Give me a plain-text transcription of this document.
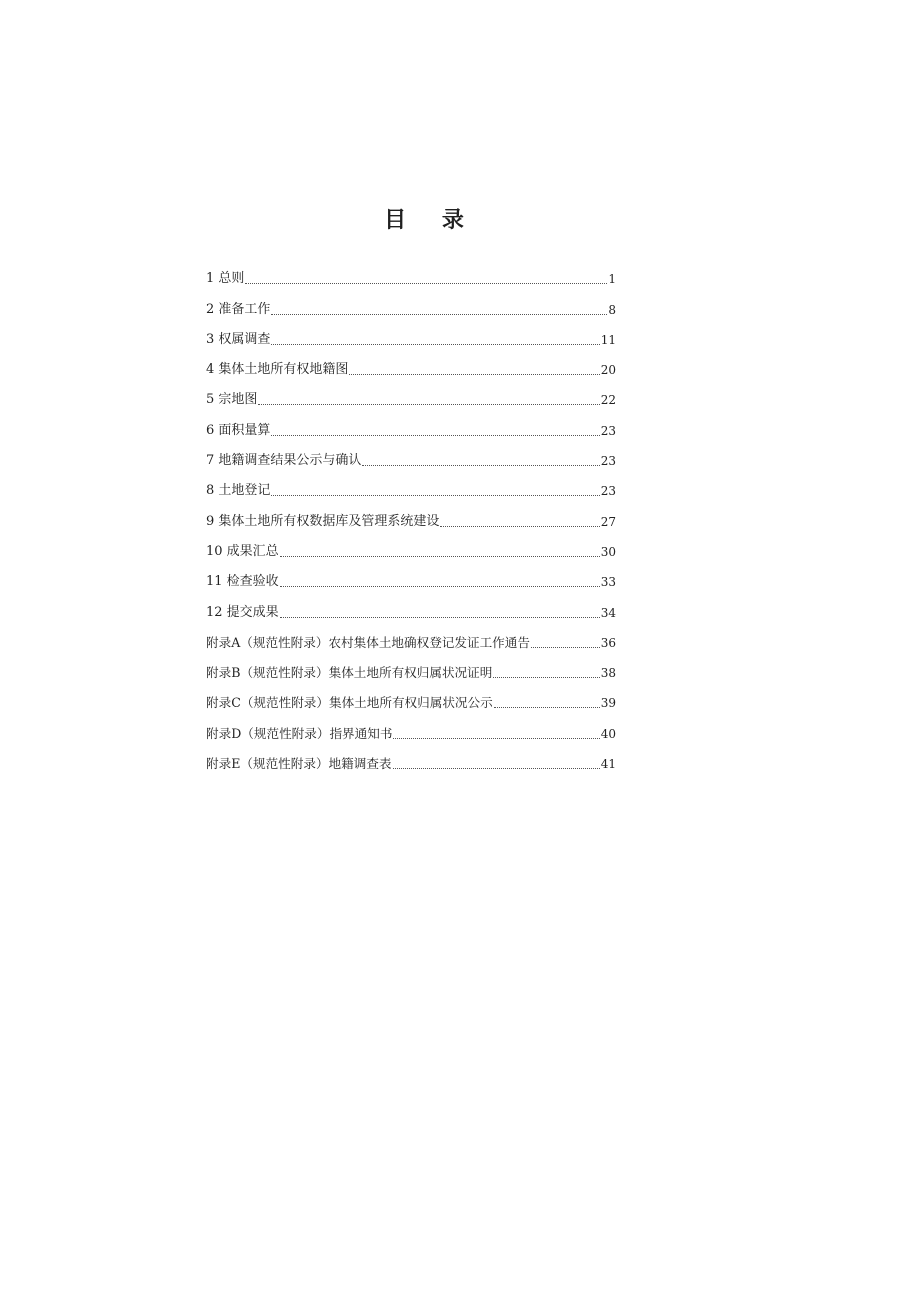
目 录
1 总则	1
2 准备工作	8
3 权属调查	11
4 集体土地所有权地籍图	20
5 宗地图	22
6 面积量算	23
7 地籍调查结果公示与确认	23
8 土地登记	23
9 集体土地所有权数据库及管理系统建设	27
10 成果汇总	30
11 检查验收	33
12 提交成果	34
附录A（规范性附录）农村集体土地确权登记发证工作通告	36
附录B（规范性附录）集体土地所有权归属状况证明	38
附录C（规范性附录）集体土地所有权归属状况公示	39
附录D（规范性附录）指界通知书	40
附录E（规范性附录）地籍调查表	41
